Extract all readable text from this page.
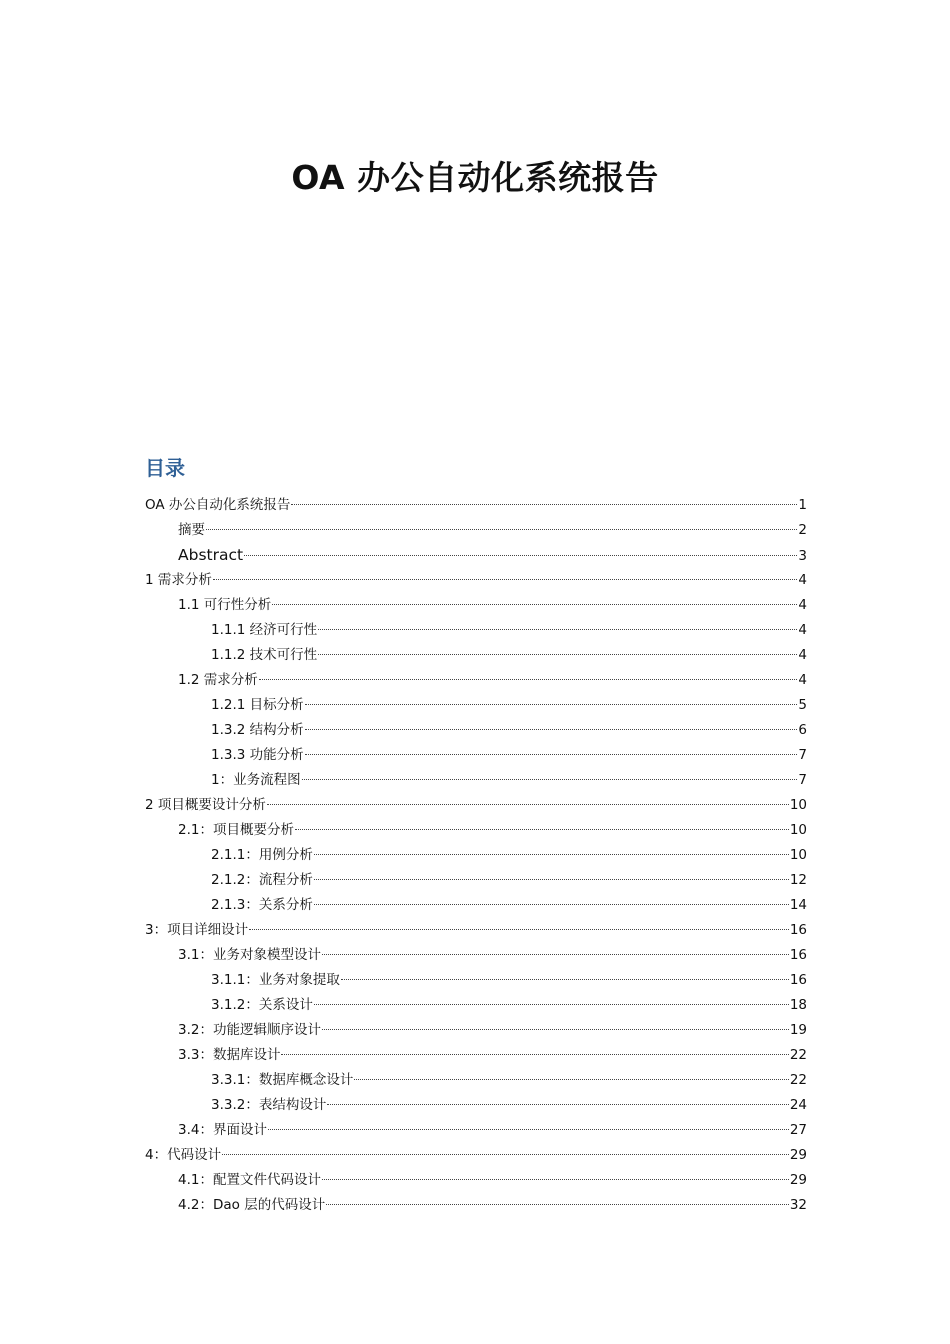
OA 办公自动化系统报告
目录
OA 办公自动化系统报告	1
摘要	2
Abstract	3
1 需求分析	4
1.1 可行性分析	4
1.1.1 经济可行性	4
1.1.2 技术可行性	4
1.2 需求分析	4
1.2.1 目标分析	5
1.3.2 结构分析	6
1.3.3 功能分析	7
1：业务流程图	7
2 项目概要设计分析	10
2.1：项目概要分析	10
2.1.1：用例分析	10
2.1.2：流程分析	12
2.1.3：关系分析	14
3：项目详细设计	16
3.1：业务对象模型设计	16
3.1.1：业务对象提取	16
3.1.2：关系设计	18
3.2：功能逻辑顺序设计	19
3.3：数据库设计	22
3.3.1：数据库概念设计	22
3.3.2：表结构设计	24
3.4：界面设计	27
4：代码设计	29
4.1：配置文件代码设计	29
4.2：Dao 层的代码设计	32
